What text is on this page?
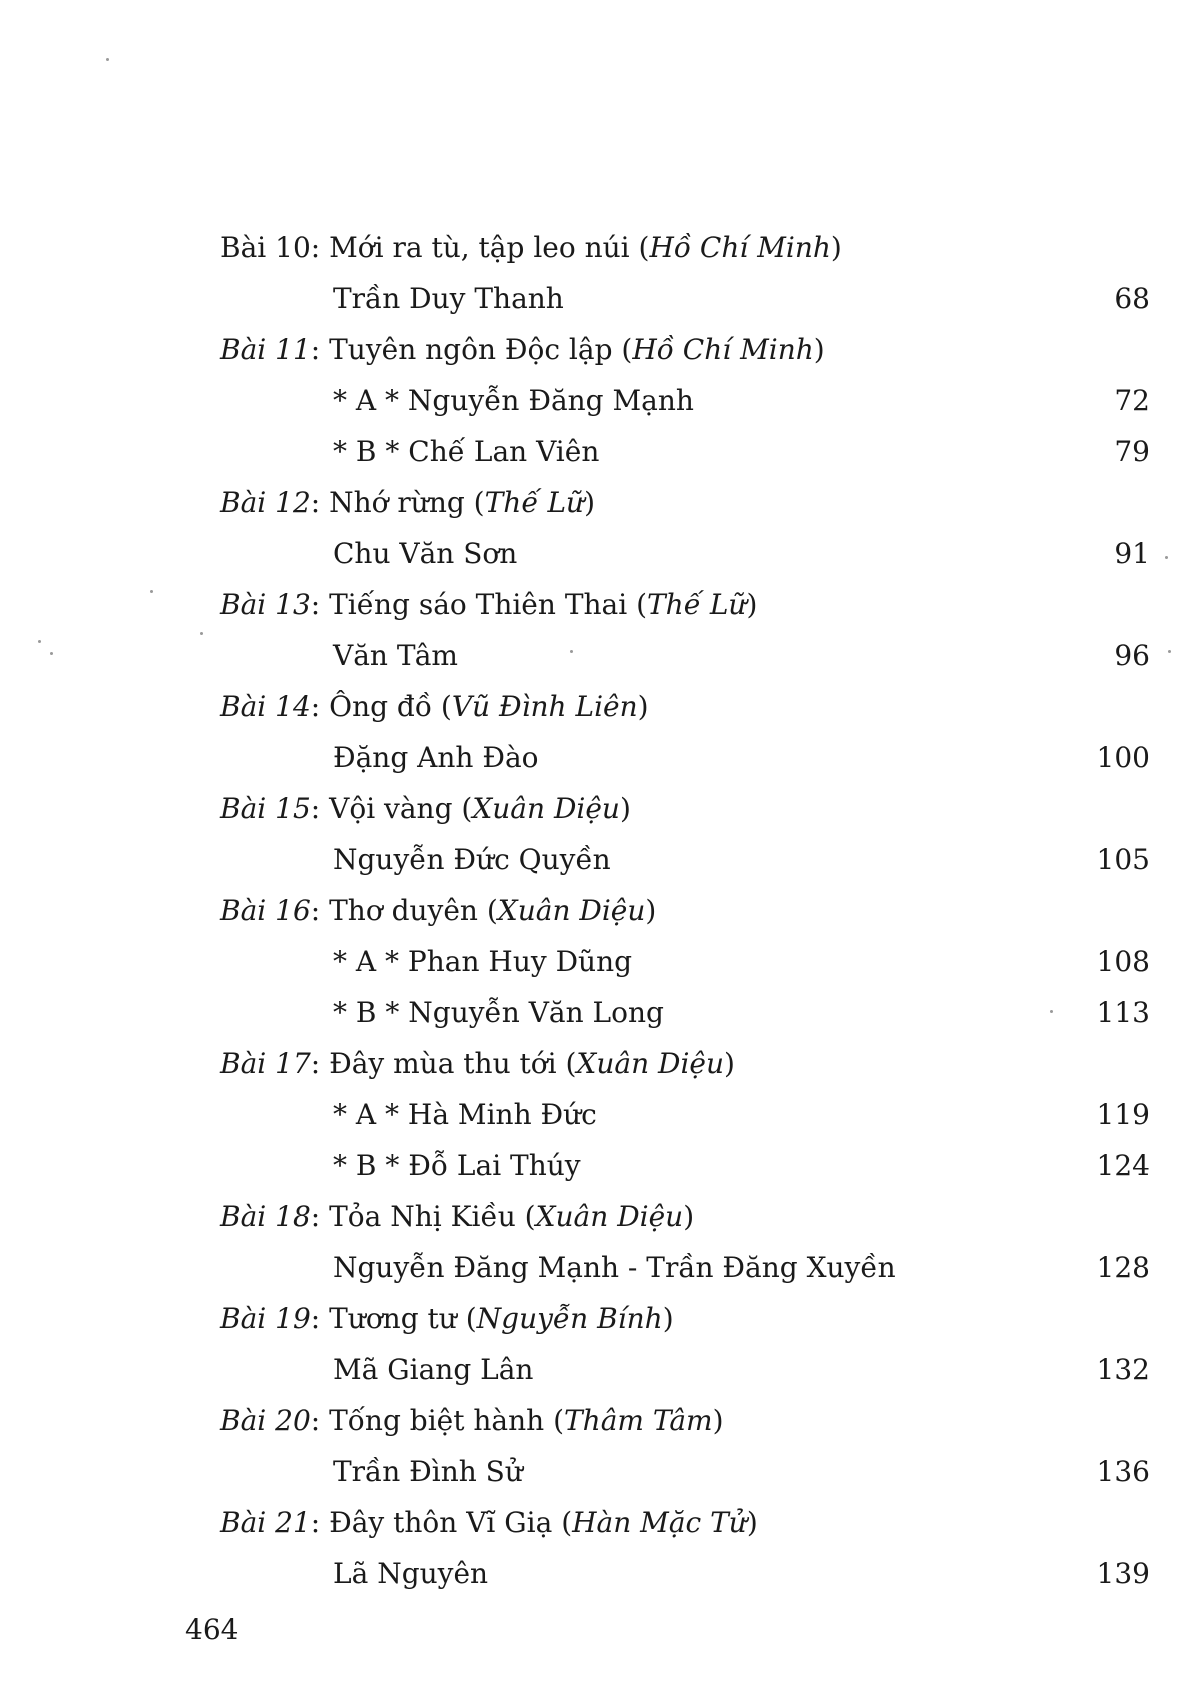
Bài 10: Mới ra tù, tập leo núi (Hồ Chí Minh)
Trần Duy Thanh	68
Bài 11: Tuyên ngôn Độc lập (Hồ Chí Minh)
* A * Nguyễn Đăng Mạnh	72
* B * Chế Lan Viên	79
Bài 12: Nhớ rừng (Thế Lữ)
Chu Văn Sơn	91
Bài 13: Tiếng sáo Thiên Thai (Thế Lữ)
Văn Tâm	96
Bài 14: Ông đồ (Vũ Đình Liên)
Đặng Anh Đào	100
Bài 15: Vội vàng (Xuân Diệu)
Nguyễn Đức Quyền	105
Bài 16: Thơ duyên (Xuân Diệu)
* A * Phan Huy Dũng	108
* B * Nguyễn Văn Long	113
Bài 17: Đây mùa thu tới (Xuân Diệu)
* A * Hà Minh Đức	119
* B * Đỗ Lai Thúy	124
Bài 18: Tỏa Nhị Kiều (Xuân Diệu)
Nguyễn Đăng Mạnh - Trần Đăng Xuyền	128
Bài 19: Tương tư (Nguyễn Bính)
Mã Giang Lân	132
Bài 20: Tống biệt hành (Thâm Tâm)
Trần Đình Sử	136
Bài 21: Đây thôn Vĩ Giạ (Hàn Mặc Tử)
Lã Nguyên	139
464
